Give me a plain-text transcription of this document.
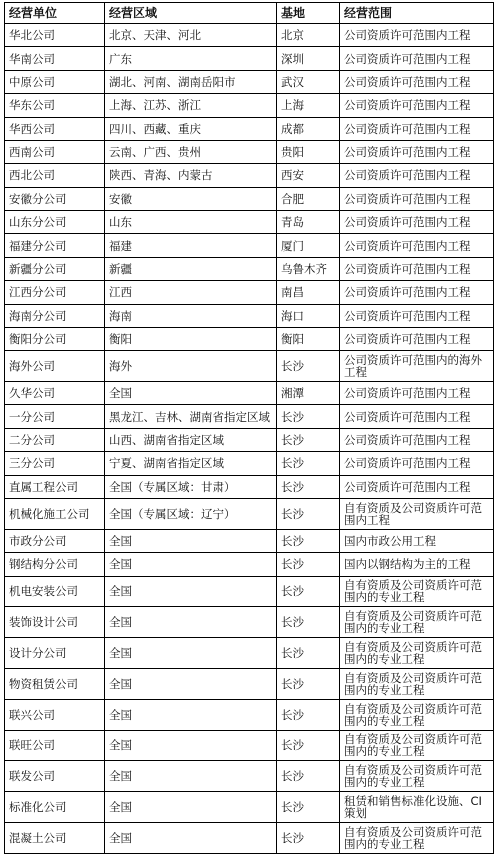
经营单位	经营区域	基地	经营范围
华北公司	北京、天津、河北	北京	公司资质许可范围内工程
华南公司	广东	深圳	公司资质许可范围内工程
中原公司	湖北、河南、湖南岳阳市	武汉	公司资质许可范围内工程
华东公司	上海、江苏、浙江	上海	公司资质许可范围内工程
华西公司	四川、西藏、重庆	成都	公司资质许可范围内工程
西南公司	云南、广西、贵州	贵阳	公司资质许可范围内工程
西北公司	陕西、青海、内蒙古	西安	公司资质许可范围内工程
安徽分公司	安徽	合肥	公司资质许可范围内工程
山东分公司	山东	青岛	公司资质许可范围内工程
福建分公司	福建	厦门	公司资质许可范围内工程
新疆分公司	新疆	乌鲁木齐	公司资质许可范围内工程
江西分公司	江西	南昌	公司资质许可范围内工程
海南分公司	海南	海口	公司资质许可范围内工程
衡阳分公司	衡阳	衡阳	公司资质许可范围内工程
海外公司	海外	长沙	公司资质许可范围内的海外工程
久华公司	全国	湘潭	公司资质许可范围内工程
一分公司	黑龙江、吉林、湖南省指定区域	长沙	公司资质许可范围内工程
二分公司	山西、湖南省指定区域	长沙	公司资质许可范围内工程
三分公司	宁夏、湖南省指定区域	长沙	公司资质许可范围内工程
直属工程公司	全国（专属区域：甘肃）	长沙	公司资质许可范围内工程
机械化施工公司	全国（专属区域：辽宁）	长沙	自有资质及公司资质许可范围内工程
市政分公司	全国	长沙	国内市政公用工程
钢结构分公司	全国	长沙	国内以钢结构为主的工程
机电安装公司	全国	长沙	自有资质及公司资质许可范围内的专业工程
装饰设计公司	全国	长沙	自有资质及公司资质许可范围内的专业工程
设计分公司	全国	长沙	自有资质及公司资质许可范围内的专业工程
物资租赁公司	全国	长沙	自有资质及公司资质许可范围内的专业工程
联兴公司	全国	长沙	自有资质及公司资质许可范围内的专业工程
联旺公司	全国	长沙	自有资质及公司资质许可范围内的专业工程
联发公司	全国	长沙	自有资质及公司资质许可范围内的专业工程
标准化公司	全国	长沙	租赁和销售标准化设施、CI 策划
混凝土公司	全国	长沙	自有资质及公司资质许可范围内的专业工程
